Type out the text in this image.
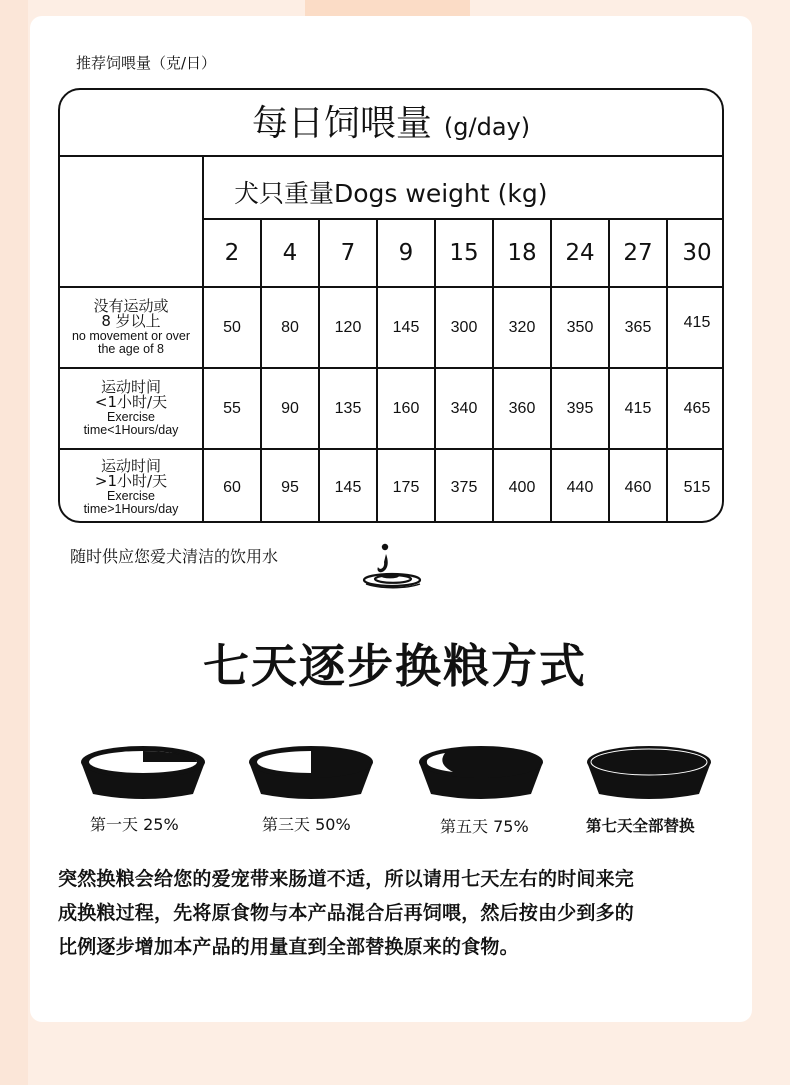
推荐饲喂量（克/日）
每日饲喂量 (g/day)
犬只重量Dogs weight (kg)
2	4	7	9	15	18	24	27	30
没有运动或
8 岁以上
no movement or over
the age of 8
50	80	120	145	300	320	350	365	415
运动时间
<1小时/天
Exercise
time<1Hours/day
55	90	135	160	340	360	395	415	465
运动时间
>1小时/天
Exercise
time>1Hours/day
60	95	145	175	375	400	440	460	515
随时供应您爱犬清洁的饮用水
七天逐步换粮方式
第一天 25%	第三天 50%	第五天 75%	第七天全部替换
突然换粮会给您的爱宠带来肠道不适，所以请用七天左右的时间来完
成换粮过程，先将原食物与本产品混合后再饲喂，然后按由少到多的
比例逐步增加本产品的用量直到全部替换原来的食物。
